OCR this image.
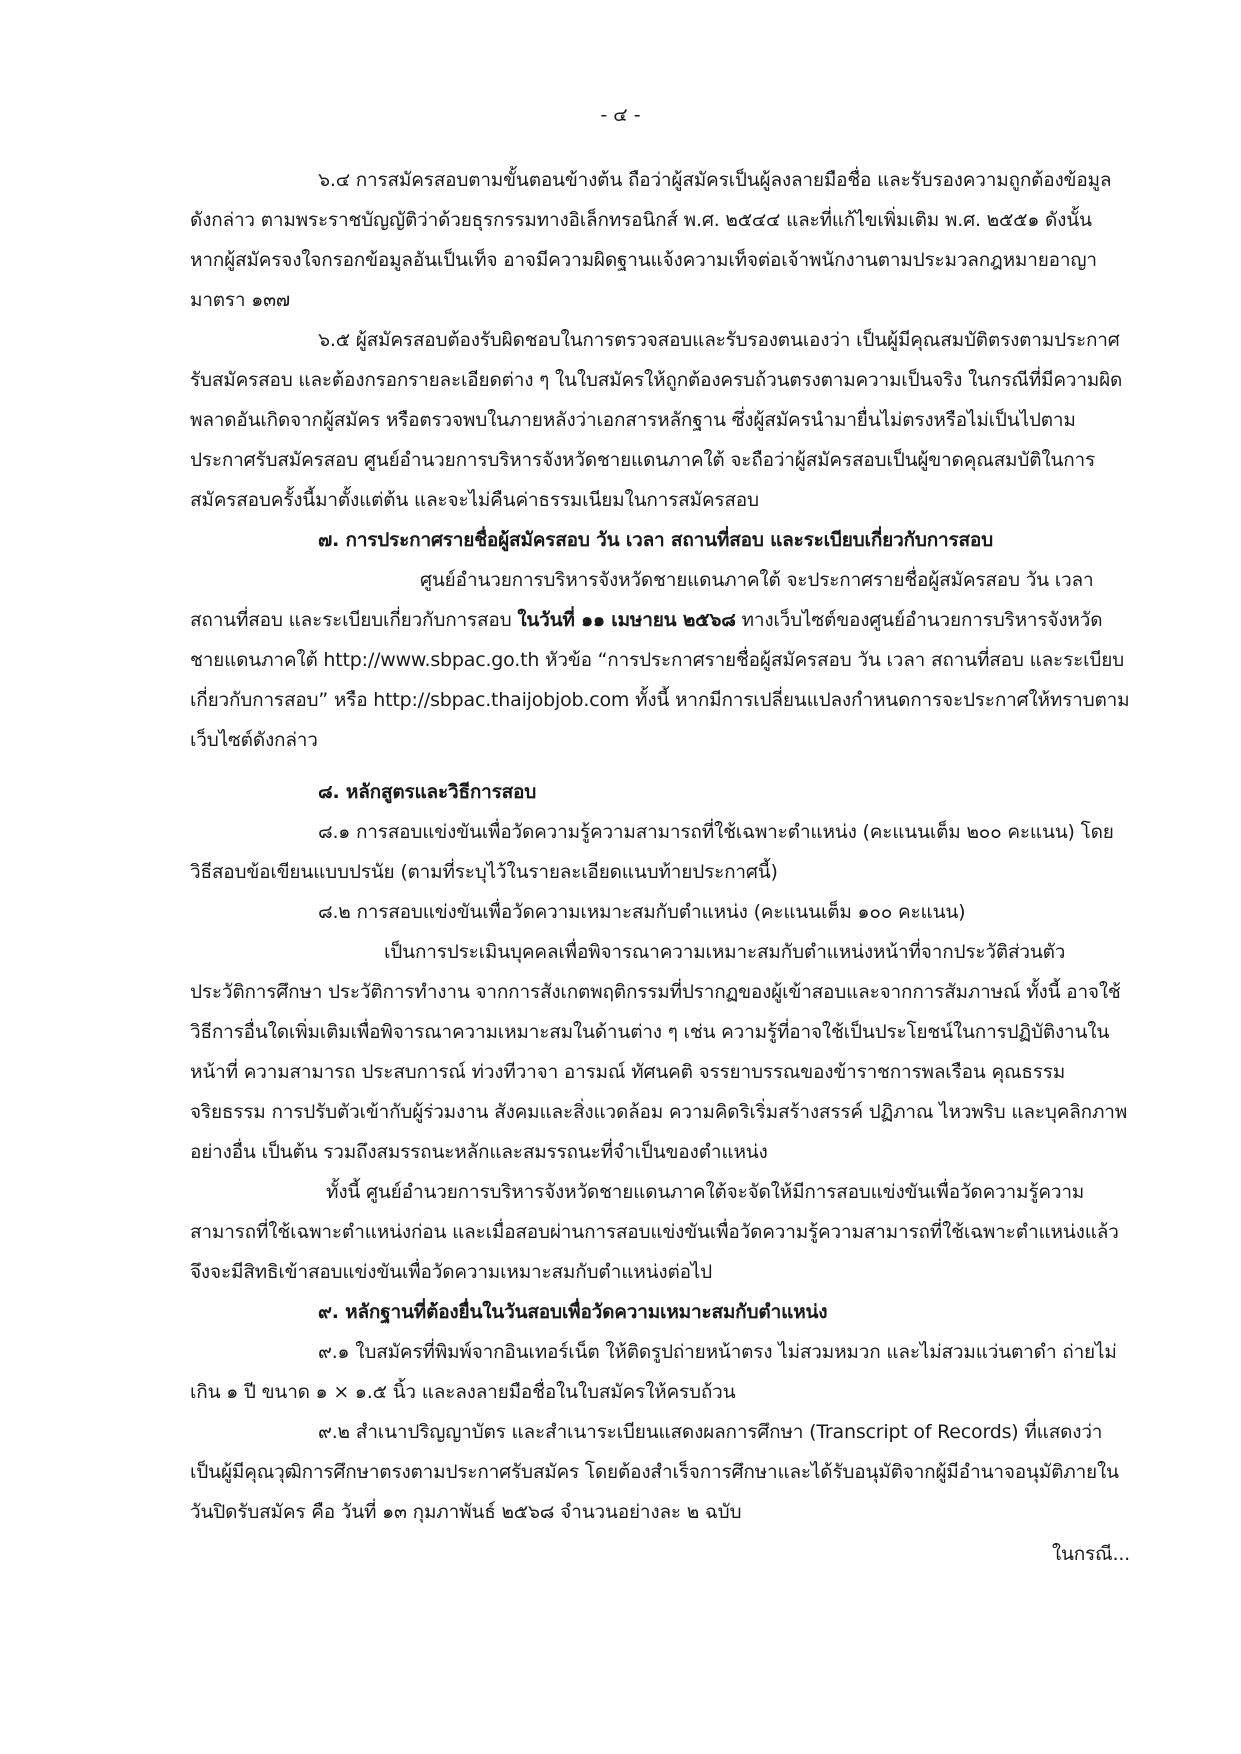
- ๔ -

๖.๔ การสมัครสอบตามขั้นตอนข้างต้น ถือว่าผู้สมัครเป็นผู้ลงลายมือชื่อ และรับรองความถูกต้องข้อมูลดังกล่าว ตามพระราชบัญญัติว่าด้วยธุรกรรมทางอิเล็กทรอนิกส์ พ.ศ. ๒๕๔๔ และที่แก้ไขเพิ่มเติม พ.ศ. ๒๕๕๑ ดังนั้น หากผู้สมัครจงใจกรอกข้อมูลอันเป็นเท็จ อาจมีความผิดฐานแจ้งความเท็จต่อเจ้าพนักงานตามประมวลกฎหมายอาญา มาตรา ๑๓๗

๖.๕ ผู้สมัครสอบต้องรับผิดชอบในการตรวจสอบและรับรองตนเองว่า เป็นผู้มีคุณสมบัติตรงตามประกาศรับสมัครสอบ และต้องกรอกรายละเอียดต่าง ๆ ในใบสมัครให้ถูกต้องครบถ้วนตรงตามความเป็นจริง ในกรณีที่มีความผิดพลาดอันเกิดจากผู้สมัคร หรือตรวจพบในภายหลังว่าเอกสารหลักฐาน ซึ่งผู้สมัครนำมายื่นไม่ตรงหรือไม่เป็นไปตามประกาศรับสมัครสอบ ศูนย์อำนวยการบริหารจังหวัดชายแดนภาคใต้ จะถือว่าผู้สมัครสอบเป็นผู้ขาดคุณสมบัติในการสมัครสอบครั้งนี้มาตั้งแต่ต้น และจะไม่คืนค่าธรรมเนียมในการสมัครสอบ

๗. การประกาศรายชื่อผู้สมัครสอบ วัน เวลา สถานที่สอบ และระเบียบเกี่ยวกับการสอบ

ศูนย์อำนวยการบริหารจังหวัดชายแดนภาคใต้ จะประกาศรายชื่อผู้สมัครสอบ วัน เวลา สถานที่สอบ และระเบียบเกี่ยวกับการสอบ ในวันที่ ๑๑ เมษายน ๒๕๖๘ ทางเว็บไซต์ของศูนย์อำนวยการบริหารจังหวัดชายแดนภาคใต้ http://www.sbpac.go.th หัวข้อ “การประกาศรายชื่อผู้สมัครสอบ วัน เวลา สถานที่สอบ และระเบียบเกี่ยวกับการสอบ” หรือ http://sbpac.thaijobjob.com ทั้งนี้ หากมีการเปลี่ยนแปลงกำหนดการจะประกาศให้ทราบตามเว็บไซต์ดังกล่าว

๘. หลักสูตรและวิธีการสอบ

๘.๑ การสอบแข่งขันเพื่อวัดความรู้ความสามารถที่ใช้เฉพาะตำแหน่ง (คะแนนเต็ม ๒๐๐ คะแนน) โดยวิธีสอบข้อเขียนแบบปรนัย (ตามที่ระบุไว้ในรายละเอียดแนบท้ายประกาศนี้)

๘.๒ การสอบแข่งขันเพื่อวัดความเหมาะสมกับตำแหน่ง (คะแนนเต็ม ๑๐๐ คะแนน)

เป็นการประเมินบุคคลเพื่อพิจารณาความเหมาะสมกับตำแหน่งหน้าที่จากประวัติส่วนตัว ประวัติการศึกษา ประวัติการทำงาน จากการสังเกตพฤติกรรมที่ปรากฏของผู้เข้าสอบและจากการสัมภาษณ์ ทั้งนี้ อาจใช้วิธีการอื่นใดเพิ่มเติมเพื่อพิจารณาความเหมาะสมในด้านต่าง ๆ เช่น ความรู้ที่อาจใช้เป็นประโยชน์ในการปฏิบัติงานในหน้าที่ ความสามารถ ประสบการณ์ ท่วงทีวาจา อารมณ์ ทัศนคติ จรรยาบรรณของข้าราชการพลเรือน คุณธรรมจริยธรรม การปรับตัวเข้ากับผู้ร่วมงาน สังคมและสิ่งแวดล้อม ความคิดริเริ่มสร้างสรรค์ ปฏิภาณ ไหวพริบ และบุคลิกภาพอย่างอื่น เป็นต้น รวมถึงสมรรถนะหลักและสมรรถนะที่จำเป็นของตำแหน่ง

ทั้งนี้ ศูนย์อำนวยการบริหารจังหวัดชายแดนภาคใต้จะจัดให้มีการสอบแข่งขันเพื่อวัดความรู้ความสามารถที่ใช้เฉพาะตำแหน่งก่อน และเมื่อสอบผ่านการสอบแข่งขันเพื่อวัดความรู้ความสามารถที่ใช้เฉพาะตำแหน่งแล้ว จึงจะมีสิทธิเข้าสอบแข่งขันเพื่อวัดความเหมาะสมกับตำแหน่งต่อไป

๙. หลักฐานที่ต้องยื่นในวันสอบเพื่อวัดความเหมาะสมกับตำแหน่ง

๙.๑ ใบสมัครที่พิมพ์จากอินเทอร์เน็ต ให้ติดรูปถ่ายหน้าตรง ไม่สวมหมวก และไม่สวมแว่นตาดำ ถ่ายไม่เกิน ๑ ปี ขนาด ๑ × ๑.๕ นิ้ว และลงลายมือชื่อในใบสมัครให้ครบถ้วน

๙.๒ สำเนาปริญญาบัตร และสำเนาระเบียนแสดงผลการศึกษา (Transcript of Records) ที่แสดงว่าเป็นผู้มีคุณวุฒิการศึกษาตรงตามประกาศรับสมัคร โดยต้องสำเร็จการศึกษาและได้รับอนุมัติจากผู้มีอำนาจอนุมัติภายในวันปิดรับสมัคร คือ วันที่ ๑๓ กุมภาพันธ์ ๒๕๖๘ จำนวนอย่างละ ๒ ฉบับ

ในกรณี...
